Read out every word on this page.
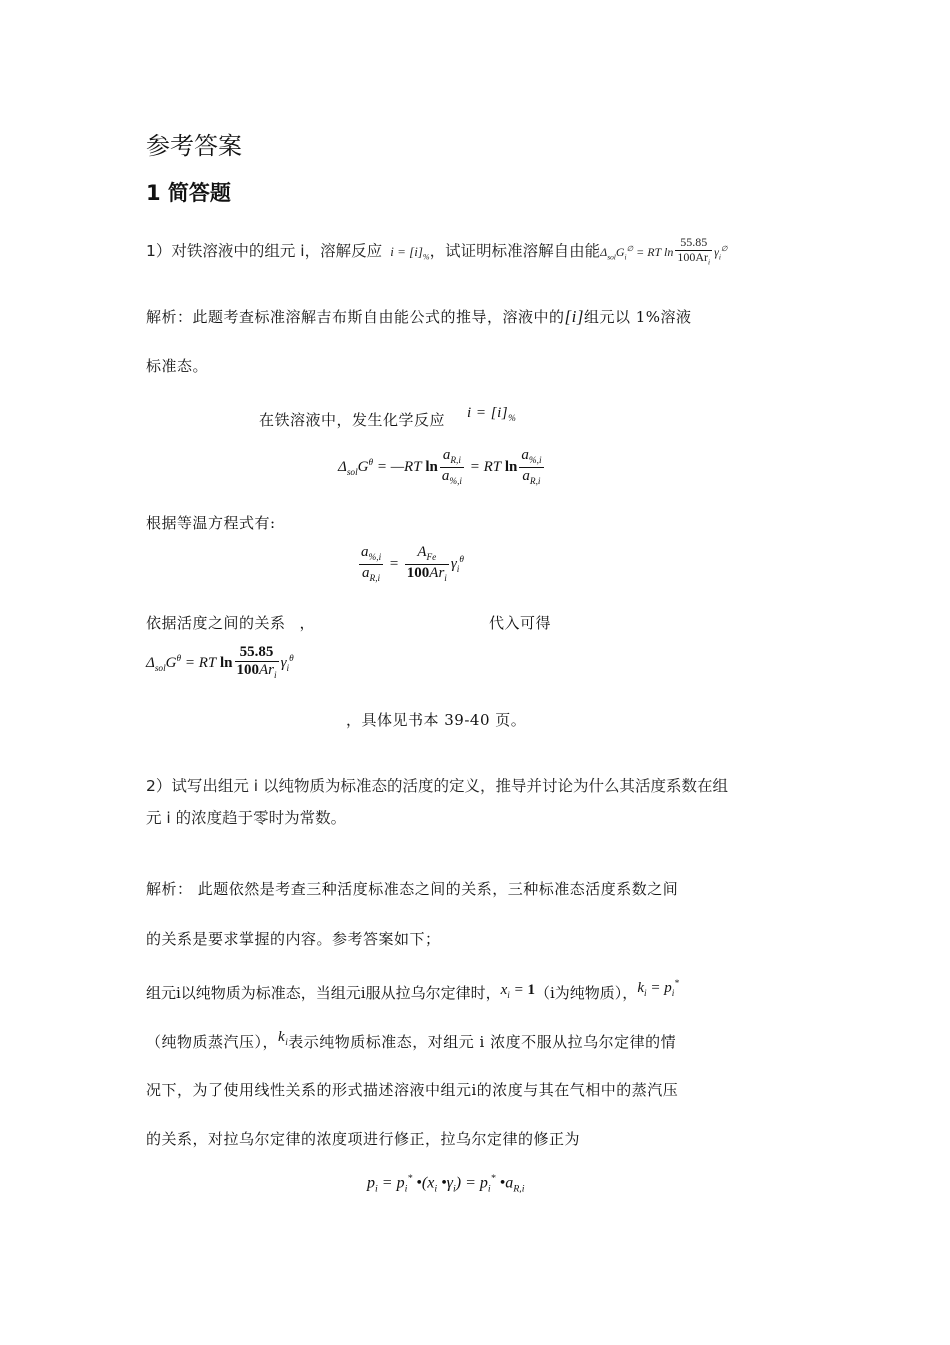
参考答案
1 简答题
1）对铁溶液中的组元 i，溶解反应  $i = [i]_{\%}$，试证明标准溶解自由能$\Delta_{sol}G_i^\emptyset$ = RT $\ln \frac{55.85}{100Ar_i} \gamma_i^\emptyset$
解析：此题考查标准溶解吉布斯自由能公式的推导，溶液中的[i]组元以 1%溶液
标准态。
在铁溶液中，发生化学反应 $i = [i]_{\%}$
$\Delta_{sol}G^\theta$ = —RT $\ln \frac{a_{R,i}}{a_{\%,i}}$ = RT $\ln \frac{a_{\%,i}}{a_{R,i}}$
根据等温方程式有:
$\frac{a_{\%,i}}{a_{R,i}} = \frac{A_{Fe}}{100Ar_i} \gamma_i^\theta$
依据活度之间的关系 ，	代入可得
$\Delta_{sol}G^\theta$ = RT $\ln \frac{55.85}{100Ar_i} \gamma_i^\theta$
，具体见书本 39-40 页。
2）试写出组元 i 以纯物质为标准态的活度的定义，推导并讨论为什么其活度系数在组
元 i 的浓度趋于零时为常数。
解析： 此题依然是考查三种活度标准态之间的关系，三种标准态活度系数之间
的关系是要求掌握的内容。参考答案如下；
组元i以纯物质为标准态，当组元i服从拉乌尔定律时，$x_i = 1(i$为纯物质），$k_i = p_i^*$
（纯物质蒸汽压），$k_i$表示纯物质标准态，对组元 i 浓度不服从拉乌尔定律的情
况下，为了使用线性关系的形式描述溶液中组元i的浓度与其在气相中的蒸汽压
的关系，对拉乌尔定律的浓度项进行修正，拉乌尔定律的修正为
$p_i = p_i^*$ $•(x_i$ $•\gamma_i) = p_i^*$ $•a_{R,i}$
